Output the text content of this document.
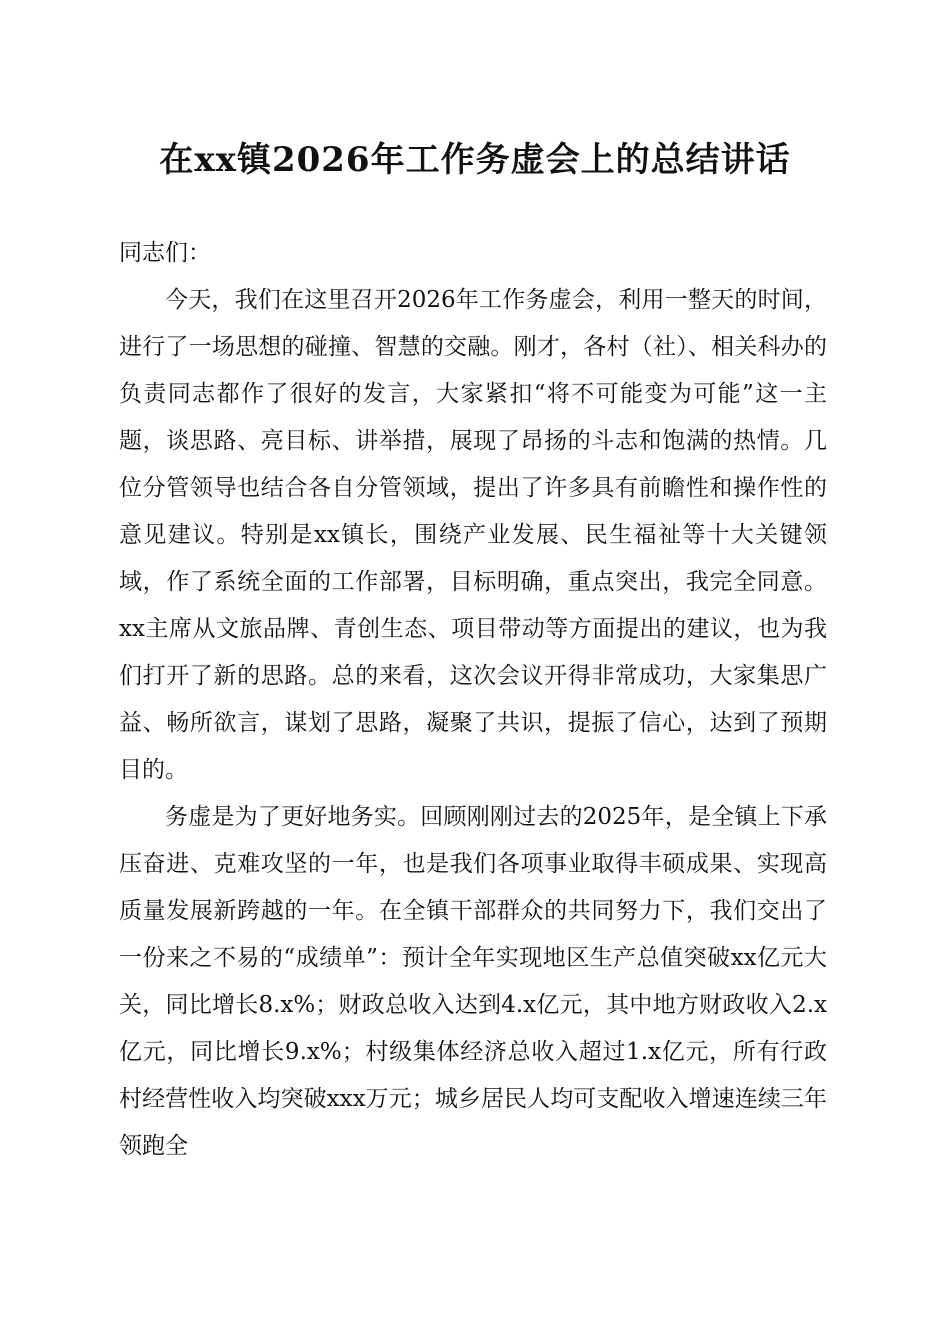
在xx镇2026年工作务虚会上的总结讲话

同志们：

今天，我们在这里召开2026年工作务虚会，利用一整天的时间，进行了一场思想的碰撞、智慧的交融。刚才，各村（社）、相关科办的负责同志都作了很好的发言，大家紧扣“将不可能变为可能”这一主题，谈思路、亮目标、讲举措，展现了昂扬的斗志和饱满的热情。几位分管领导也结合各自分管领域，提出了许多具有前瞻性和操作性的意见建议。特别是xx镇长，围绕产业发展、民生福祉等十大关键领域，作了系统全面的工作部署，目标明确，重点突出，我完全同意。xx主席从文旅品牌、青创生态、项目带动等方面提出的建议，也为我们打开了新的思路。总的来看，这次会议开得非常成功，大家集思广益、畅所欲言，谋划了思路，凝聚了共识，提振了信心，达到了预期目的。

务虚是为了更好地务实。回顾刚刚过去的2025年，是全镇上下承压奋进、克难攻坚的一年，也是我们各项事业取得丰硕成果、实现高质量发展新跨越的一年。在全镇干部群众的共同努力下，我们交出了一份来之不易的“成绩单”：预计全年实现地区生产总值突破xx亿元大关，同比增长8.x%；财政总收入达到4.x亿元，其中地方财政收入2.x亿元，同比增长9.x%；村级集体经济总收入超过1.x亿元，所有行政村经营性收入均突破xxx万元；城乡居民人均可支配收入增速连续三年领跑全
